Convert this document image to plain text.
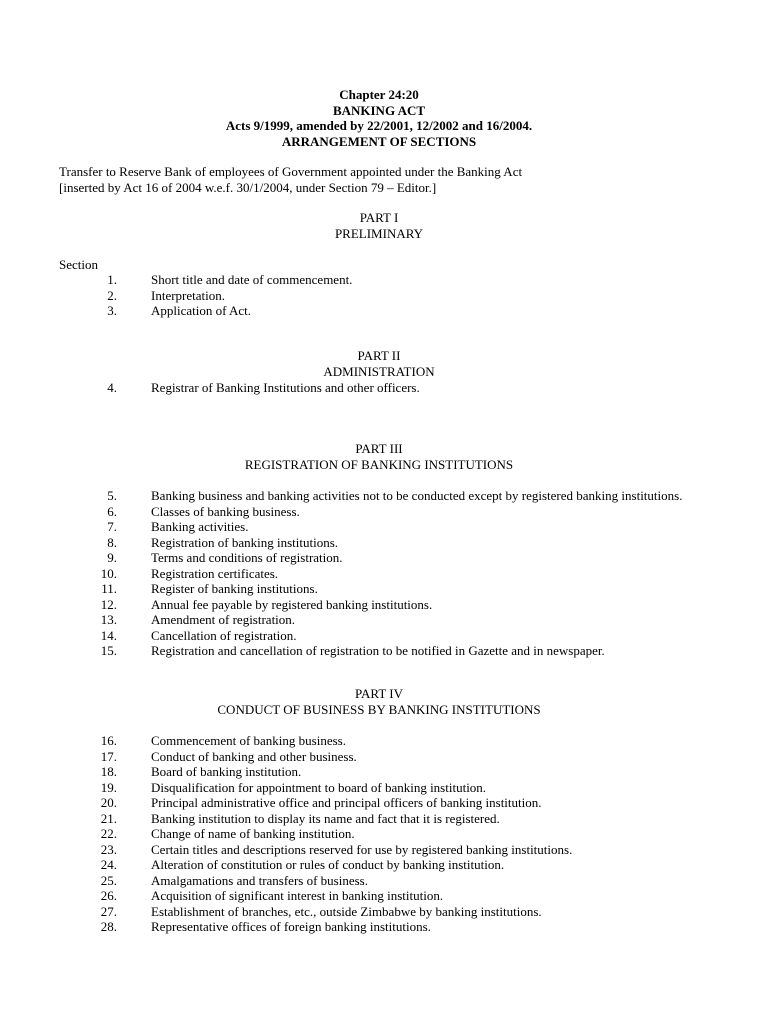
Chapter 24:20
BANKING ACT
Acts 9/1999, amended by 22/2001, 12/2002 and 16/2004.
ARRANGEMENT OF SECTIONS
Transfer to Reserve Bank of employees of Government appointed under the Banking Act
[inserted by Act 16 of 2004 w.e.f. 30/1/2004, under Section 79 – Editor.]
PART I
PRELIMINARY
Section
1.	Short title and date of commencement.
2.	Interpretation.
3.	Application of Act.
PART II
ADMINISTRATION
4.	Registrar of Banking Institutions and other officers.
PART III
REGISTRATION OF BANKING INSTITUTIONS
5.	Banking business and banking activities not to be conducted except by registered banking institutions.
6.	Classes of banking business.
7.	Banking activities.
8.	Registration of banking institutions.
9.	Terms and conditions of registration.
10.	Registration certificates.
11.	Register of banking institutions.
12.	Annual fee payable by registered banking institutions.
13.	Amendment of registration.
14.	Cancellation of registration.
15.	Registration and cancellation of registration to be notified in Gazette and in newspaper.
PART IV
CONDUCT OF BUSINESS BY BANKING INSTITUTIONS
16.	Commencement of banking business.
17.	Conduct of banking and other business.
18.	Board of banking institution.
19.	Disqualification for appointment to board of banking institution.
20.	Principal administrative office and principal officers of banking institution.
21.	Banking institution to display its name and fact that it is registered.
22.	Change of name of banking institution.
23.	Certain titles and descriptions reserved for use by registered banking institutions.
24.	Alteration of constitution or rules of conduct by banking institution.
25.	Amalgamations and transfers of business.
26.	Acquisition of significant interest in banking institution.
27.	Establishment of branches, etc., outside Zimbabwe by banking institutions.
28.	Representative offices of foreign banking institutions.
